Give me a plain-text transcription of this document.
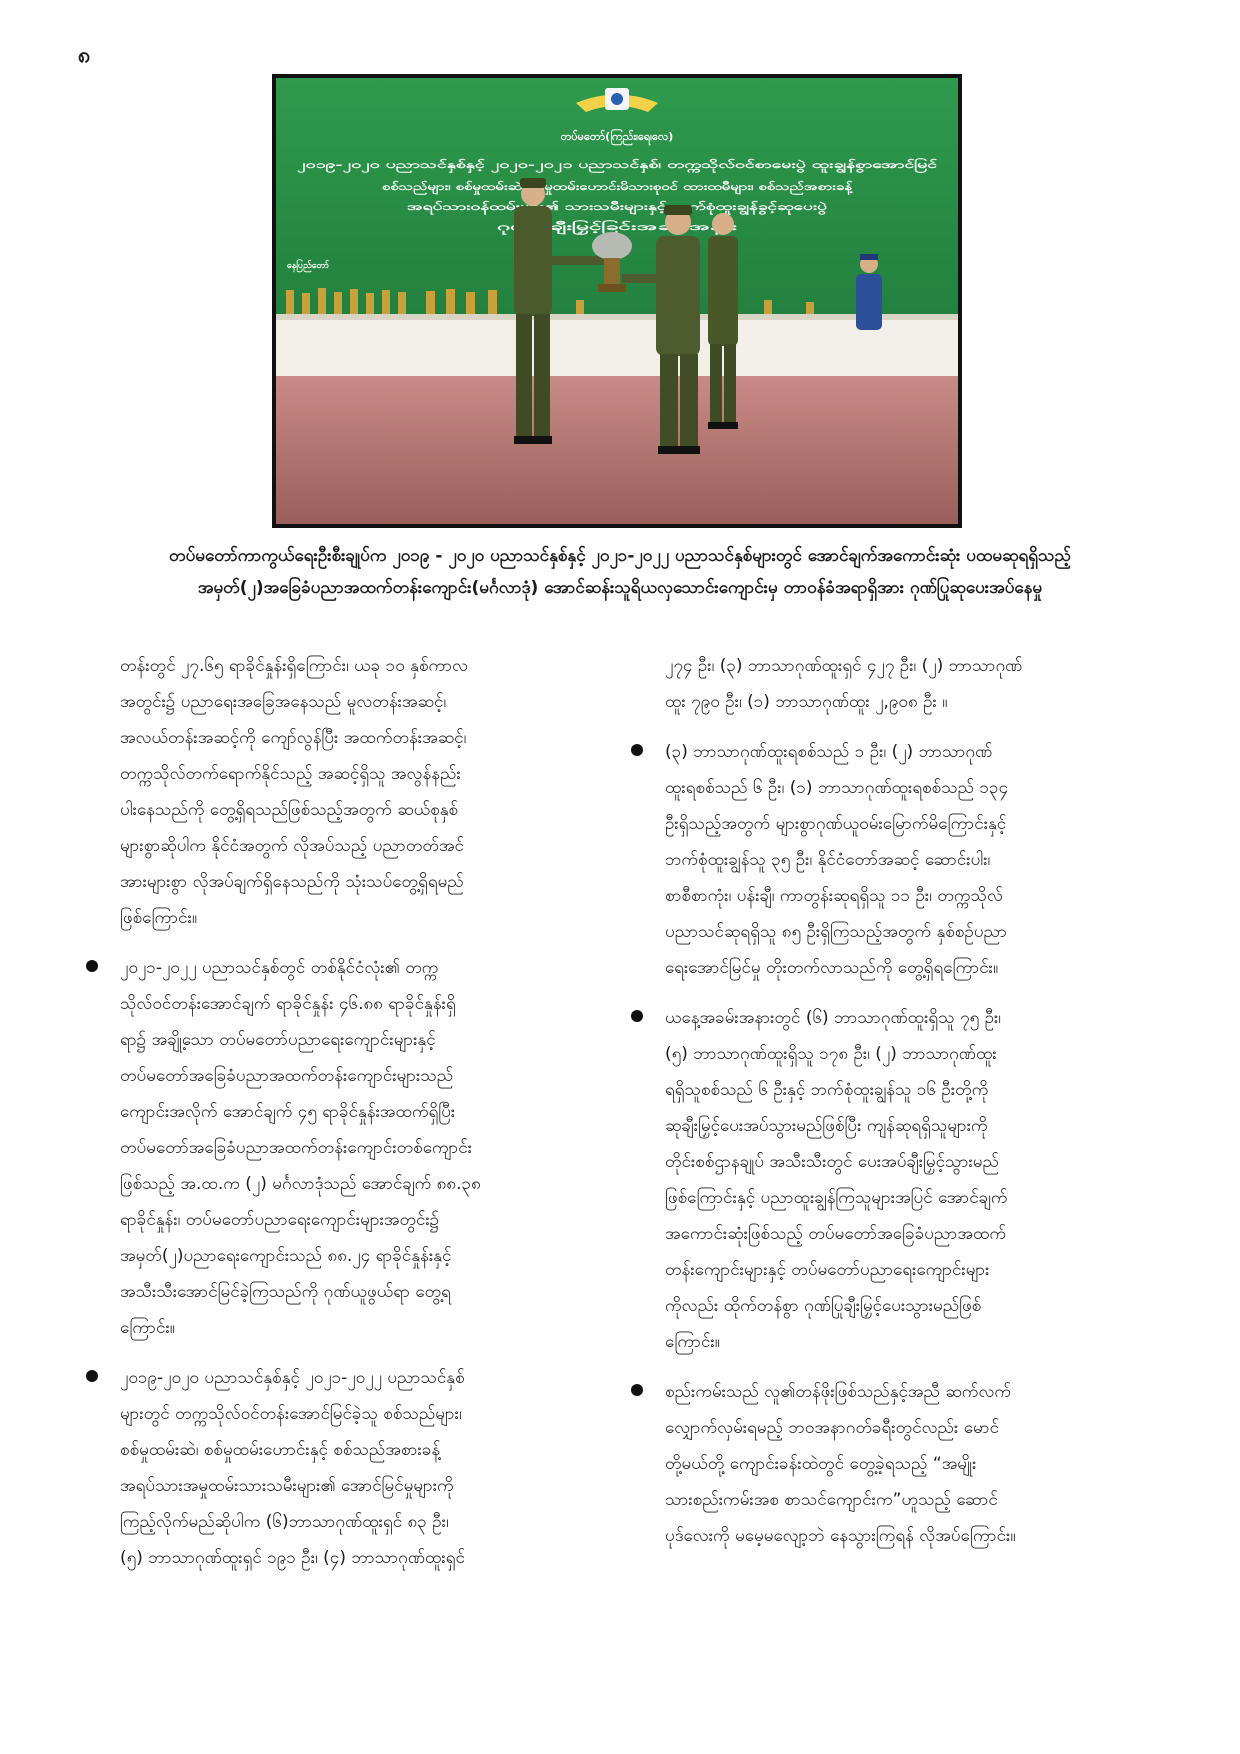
၈
တပ်မတော်(ကြည်း၊ရေ၊လေ)
၂၀၁၉-၂၀၂၀ ပညာသင်နှစ်နှင့် ၂၀၂၀-၂၀၂၁ ပညာသင်နှစ်၊ တက္ကသိုလ်ဝင်စာမေးပွဲ ထူးချွန်စွာအောင်မြင်
နေပြည်တော်
တပ်မတော်ကာကွယ်ရေးဦးစီးချုပ်က ၂၀၁၉ - ၂၀၂၀ ပညာသင်နှစ်နှင့် ၂၀၂၁-၂၀၂၂ ပညာသင်နှစ်များတွင် အောင်ချက်အကောင်းဆုံး ပထမဆုရရှိသည့် အမှတ်(၂)အခြေခံပညာအထက်တန်းကျောင်း(မင်္ဂလာဒုံ) အောင်ဆန်းသူရိယလှသောင်းကျောင်းမှ တာဝန်ခံအရာရှိအား ဂုဏ်ပြုဆုပေးအပ်နေမှု
တန်းတွင် ၂၇.၆၅ ရာခိုင်နှုန်းရှိကြောင်း၊ ယခု ၁၀ နှစ်ကာလ
အတွင်း၌ ပညာရေးအခြေအနေသည် မူလတန်းအဆင့်၊
အလယ်တန်းအဆင့်ကို ကျော်လွန်ပြီး အထက်တန်းအဆင့်၊
တက္ကသိုလ်တက်ရောက်နိုင်သည့် အဆင့်ရှိသူ အလွန်နည်း
ပါးနေသည်ကို တွေ့ရှိရသည်ဖြစ်သည့်အတွက် ဆယ်စုနှစ်
များစွာဆိုပါက နိုင်ငံအတွက် လိုအပ်သည့် ပညာတတ်အင်
အားများစွာ လိုအပ်ချက်ရှိနေသည်ကို သုံးသပ်တွေ့ရှိရမည်
ဖြစ်ကြောင်း။
၂၀၂၁-၂၀၂၂ ပညာသင်နှစ်တွင် တစ်နိုင်ငံလုံး၏ တက္က
သိုလ်ဝင်တန်းအောင်ချက် ရာခိုင်နှုန်း ၄၆.၈၈ ရာခိုင်နှုန်းရှိ
ရာ၌ အချို့သော တပ်မတော်ပညာရေးကျောင်းများနှင့်
တပ်မတော်အခြေခံပညာအထက်တန်းကျောင်းများသည်
ကျောင်းအလိုက် အောင်ချက် ၄၅ ရာခိုင်နှုန်းအထက်ရှိပြီး
တပ်မတော်အခြေခံပညာအထက်တန်းကျောင်းတစ်ကျောင်း
ဖြစ်သည့် အ.ထ.က (၂) မင်္ဂလာဒုံသည် အောင်ချက် ၈၈.၃၈
ရာခိုင်နှုန်း၊ တပ်မတော်ပညာရေးကျောင်းများအတွင်း၌
အမှတ်(၂)ပညာရေးကျောင်းသည် ၈၈.၂၄ ရာခိုင်နှုန်းနှင့်
အသီးသီးအောင်မြင်ခဲ့ကြသည်ကို ဂုဏ်ယူဖွယ်ရာ တွေ့ရ
ကြောင်း။
၂၀၁၉-၂၀၂၀ ပညာသင်နှစ်နှင့် ၂၀၂၁-၂၀၂၂ ပညာသင်နှစ်
များတွင် တက္ကသိုလ်ဝင်တန်းအောင်မြင်ခဲ့သူ စစ်သည်များ၊
စစ်မှုထမ်းဆဲ၊ စစ်မှုထမ်းဟောင်းနှင့် စစ်သည်အစားခန့်
အရပ်သားအမှုထမ်းသားသမီးများ၏ အောင်မြင်မှုများကို
ကြည့်လိုက်မည်ဆိုပါက (၆)ဘာသာဂုဏ်ထူးရှင် ၈၃ ဦး၊
(၅) ဘာသာဂုဏ်ထူးရှင် ၁၉၁ ဦး၊ (၄) ဘာသာဂုဏ်ထူးရှင်
၂၇၄ ဦး၊ (၃) ဘာသာဂုဏ်ထူးရှင် ၄၂၇ ဦး၊ (၂) ဘာသာဂုဏ်
ထူး ၇၉၀ ဦး၊ (၁) ဘာသာဂုဏ်ထူး ၂,၉၀၈ ဦး ။
(၃) ဘာသာဂုဏ်ထူးရစစ်သည် ၁ ဦး၊ (၂) ဘာသာဂုဏ်
ထူးရစစ်သည် ၆ ဦး၊ (၁) ဘာသာဂုဏ်ထူးရစစ်သည် ၁၃၄
ဦးရှိသည့်အတွက် များစွာဂုဏ်ယူဝမ်းမြောက်မိကြောင်းနှင့်
ဘက်စုံထူးချွန်သူ ၃၅ ဦး၊ နိုင်ငံတော်အဆင့် ဆောင်းပါး၊
စာစီစာကုံး၊ ပန်းချီ၊ ကာတွန်းဆုရရှိသူ ၁၁ ဦး၊ တက္ကသိုလ်
ပညာသင်ဆုရရှိသူ ၈၅ ဦးရှိကြသည့်အတွက် နှစ်စဉ်ပညာ
ရေးအောင်မြင်မှု တိုးတက်လာသည်ကို တွေ့ရှိရကြောင်း။
ယနေ့အခမ်းအနားတွင် (၆) ဘာသာဂုဏ်ထူးရှိသူ ၇၅ ဦး၊
(၅) ဘာသာဂုဏ်ထူးရှိသူ ၁၇၈ ဦး၊ (၂) ဘာသာဂုဏ်ထူး
ရရှိသူစစ်သည် ၆ ဦးနှင့် ဘက်စုံထူးချွန်သူ ၁၆ ဦးတို့ကို
ဆုချီးမြှင့်ပေးအပ်သွားမည်ဖြစ်ပြီး ကျန်ဆုရရှိသူများကို
တိုင်းစစ်ဌာနချုပ် အသီးသီးတွင် ပေးအပ်ချီးမြှင့်သွားမည်
ဖြစ်ကြောင်းနှင့် ပညာထူးချွန်ကြသူများအပြင် အောင်ချက်
အကောင်းဆုံးဖြစ်သည့် တပ်မတော်အခြေခံပညာအထက်
တန်းကျောင်းများနှင့် တပ်မတော်ပညာရေးကျောင်းများ
ကိုလည်း ထိုက်တန်စွာ ဂုဏ်ပြုချီးမြှင့်ပေးသွားမည်ဖြစ်
ကြောင်း။
စည်းကမ်းသည် လူ၏တန်ဖိုးဖြစ်သည်နှင့်အညီ ဆက်လက်
လျှောက်လှမ်းရမည့် ဘဝအနာဂတ်ခရီးတွင်လည်း မောင်
တို့မယ်တို့ ကျောင်းခန်းထဲတွင် တွေ့ခဲ့ရသည့် “အမျိုး
သားစည်းကမ်းအစ စာသင်ကျောင်းက”ဟူသည့် ဆောင်
ပုဒ်လေးကို မမေ့မလျော့ဘဲ နေသွားကြရန် လိုအပ်ကြောင်း။
